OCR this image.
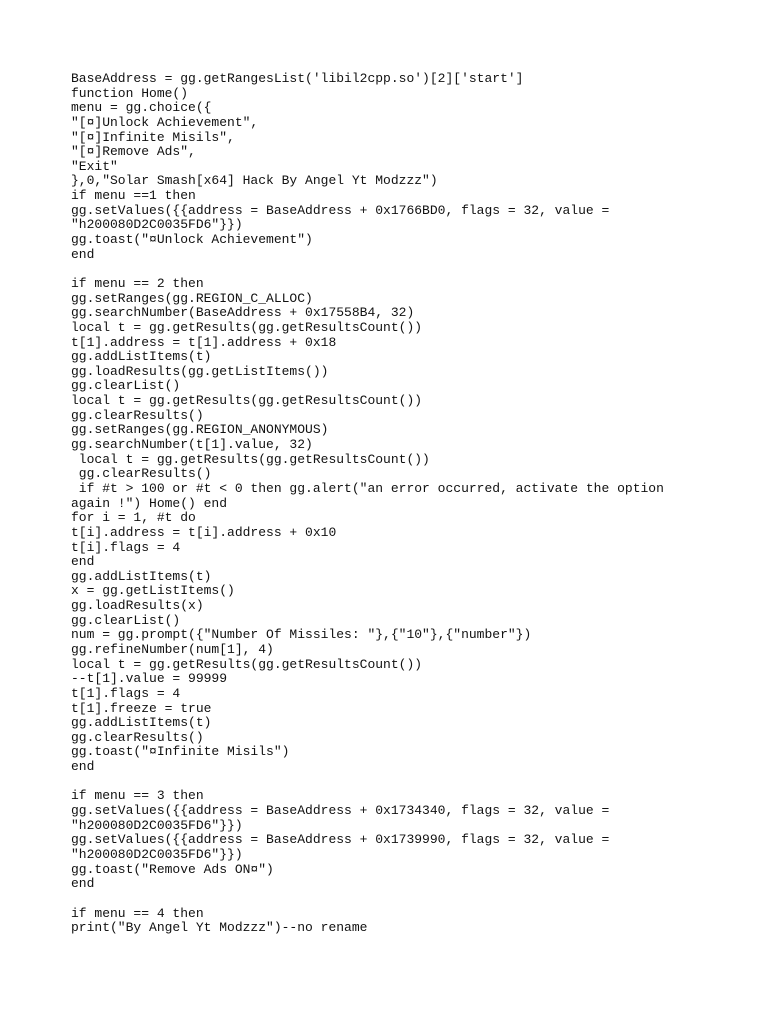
BaseAddress = gg.getRangesList('libil2cpp.so')[2]['start']
function Home()
menu = gg.choice({
"[¤]Unlock Achievement",
"[¤]Infinite Misils",
"[¤]Remove Ads",
"Exit"
},0,"Solar Smash[x64] Hack By Angel Yt Modzzz")
if menu ==1 then
gg.setValues({{address = BaseAddress + 0x1766BD0, flags = 32, value =
"h200080D2C0035FD6"}})
gg.toast("¤Unlock Achievement")
end
if menu == 2 then
gg.setRanges(gg.REGION_C_ALLOC)
gg.searchNumber(BaseAddress + 0x17558B4, 32)
local t = gg.getResults(gg.getResultsCount())
t[1].address = t[1].address + 0x18
gg.addListItems(t)
gg.loadResults(gg.getListItems())
gg.clearList()
local t = gg.getResults(gg.getResultsCount())
gg.clearResults()
gg.setRanges(gg.REGION_ANONYMOUS)
gg.searchNumber(t[1].value, 32)
local t = gg.getResults(gg.getResultsCount())
gg.clearResults()
if #t > 100 or #t < 0 then gg.alert("an error occurred, activate the option
again !") Home() end
for i = 1, #t do
t[i].address = t[i].address + 0x10
t[i].flags = 4
end
gg.addListItems(t)
x = gg.getListItems()
gg.loadResults(x)
gg.clearList()
num = gg.prompt({"Number Of Missiles: "},{"10"},{"number"})
gg.refineNumber(num[1], 4)
local t = gg.getResults(gg.getResultsCount())
--t[1].value = 99999
t[1].flags = 4
t[1].freeze = true
gg.addListItems(t)
gg.clearResults()
gg.toast("¤Infinite Misils")
end
if menu == 3 then
gg.setValues({{address = BaseAddress + 0x1734340, flags = 32, value =
"h200080D2C0035FD6"}})
gg.setValues({{address = BaseAddress + 0x1739990, flags = 32, value =
"h200080D2C0035FD6"}})
gg.toast("Remove Ads ON¤")
end
if menu == 4 then
print("By Angel Yt Modzzz")--no rename
